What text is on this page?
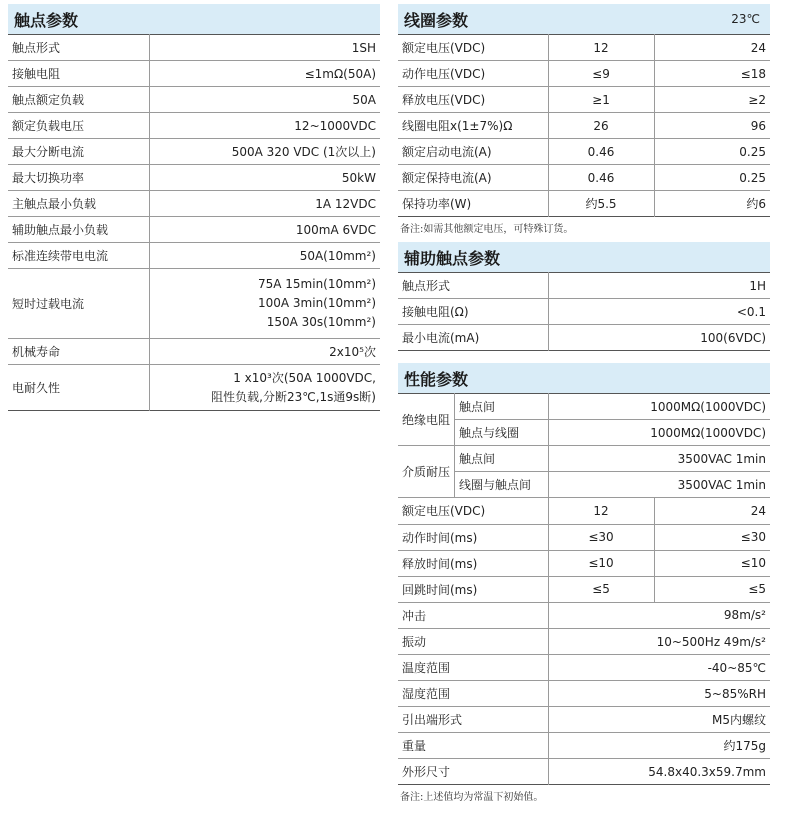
触点参数
触点形式	1SH
接触电阻	≤1mΩ(50A)
触点额定负载	50A
额定负载电压	12~1000VDC
最大分断电流	500A 320 VDC (1次以上)
最大切换功率	50kW
主触点最小负载	1A 12VDC
辅助触点最小负载	100mA 6VDC
标准连续带电电流	50A(10mm²)
短时过载电流	75A 15min(10mm²)
100A 3min(10mm²)
150A 30s(10mm²)

机械寿命	2x10⁵次
电耐久性	1 x10³次(50A 1000VDC,
阻性负载,分断23℃,1s通9s断)
线圈参数	23℃
额定电压(VDC)	12	24
动作电压(VDC)	≤9	≤18
释放电压(VDC)	≥1	≥2
线圈电阻x(1±7%)Ω	26	96
额定启动电流(A)	0.46	0.25
额定保持电流(A)	0.46	0.25
保持功率(W)	约5.5	约6
备注:如需其他额定电压，可特殊订货。
辅助触点参数
触点形式	1H
接触电阻(Ω)	<0.1
最小电流(mA)	100(6VDC)
性能参数
绝缘电阻	触点间	1000MΩ(1000VDC)
	触点与线圈	1000MΩ(1000VDC)
介质耐压	触点间	3500VAC 1min
	线圈与触点间	3500VAC 1min
额定电压(VDC)	12	24
动作时间(ms)	≤30	≤30
释放时间(ms)	≤10	≤10
回跳时间(ms)	≤5	≤5
冲击	98m/s²
振动	10~500Hz 49m/s²
温度范围	-40~85℃
湿度范围	5~85%RH
引出端形式	M5内螺纹
重量	约175g
外形尺寸	54.8x40.3x59.7mm
备注:上述值均为常温下初始值。
